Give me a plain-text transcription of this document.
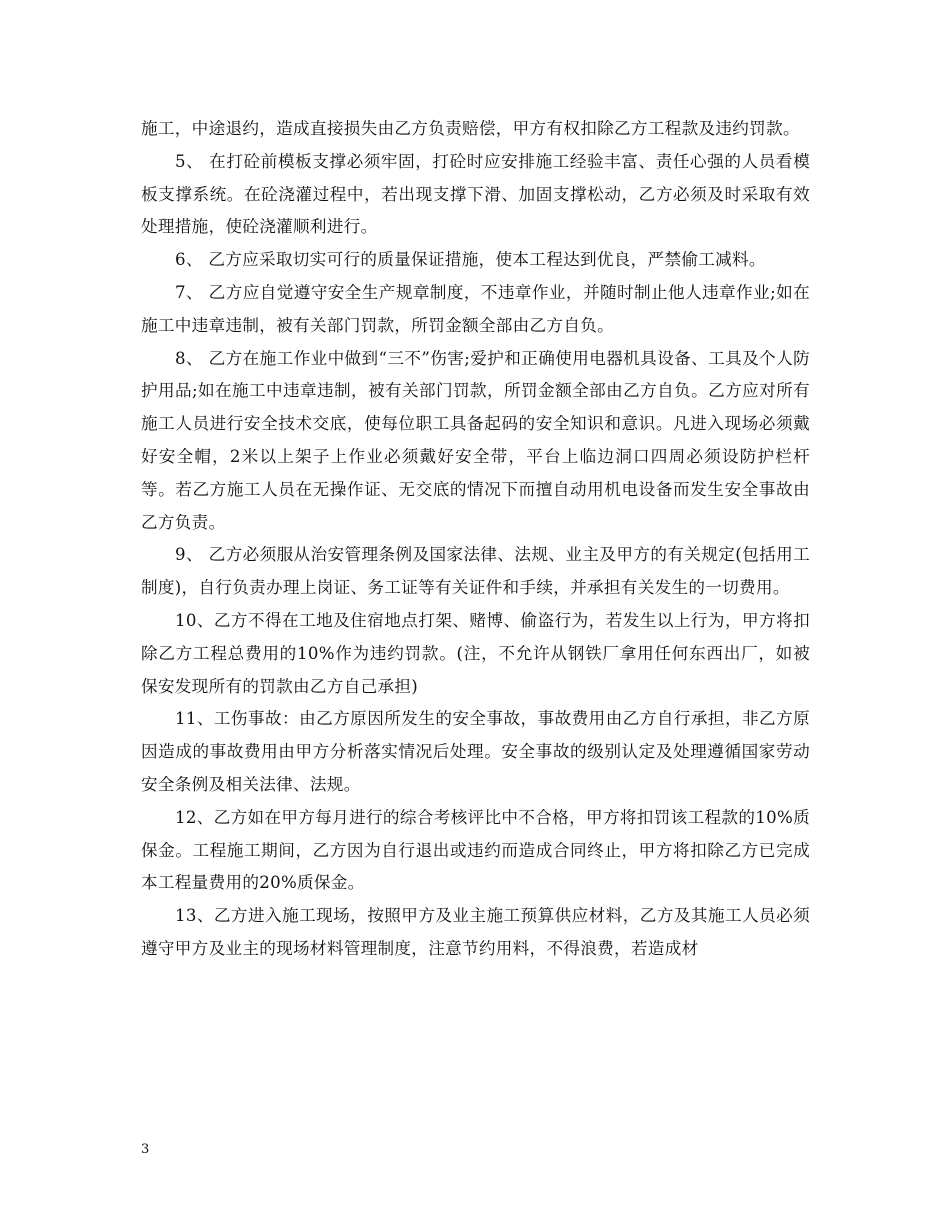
施工，中途退约，造成直接损失由乙方负责赔偿，甲方有权扣除乙方工程款及违约罚款。

5、 在打砼前模板支撑必须牢固，打砼时应安排施工经验丰富、责任心强的人员看模板支撑系统。在砼浇灌过程中，若出现支撑下滑、加固支撑松动，乙方必须及时采取有效处理措施，使砼浇灌顺利进行。

6、 乙方应采取切实可行的质量保证措施，使本工程达到优良，严禁偷工减料。

7、 乙方应自觉遵守安全生产规章制度，不违章作业，并随时制止他人违章作业;如在施工中违章违制，被有关部门罚款，所罚金额全部由乙方自负。

8、 乙方在施工作业中做到“三不”伤害;爱护和正确使用电器机具设备、工具及个人防护用品;如在施工中违章违制，被有关部门罚款，所罚金额全部由乙方自负。乙方应对所有施工人员进行安全技术交底，使每位职工具备起码的安全知识和意识。凡进入现场必须戴好安全帽，2米以上架子上作业必须戴好安全带，平台上临边洞口四周必须设防护栏杆等。若乙方施工人员在无操作证、无交底的情况下而擅自动用机电设备而发生安全事故由乙方负责。

9、 乙方必须服从治安管理条例及国家法律、法规、业主及甲方的有关规定(包括用工制度)，自行负责办理上岗证、务工证等有关证件和手续，并承担有关发生的一切费用。

10、乙方不得在工地及住宿地点打架、赌博、偷盗行为，若发生以上行为，甲方将扣除乙方工程总费用的10%作为违约罚款。(注，不允许从钢铁厂拿用任何东西出厂，如被保安发现所有的罚款由乙方自己承担)

11、工伤事故：由乙方原因所发生的安全事故，事故费用由乙方自行承担，非乙方原因造成的事故费用由甲方分析落实情况后处理。安全事故的级别认定及处理遵循国家劳动安全条例及相关法律、法规。

12、乙方如在甲方每月进行的综合考核评比中不合格，甲方将扣罚该工程款的10%质保金。工程施工期间，乙方因为自行退出或违约而造成合同终止，甲方将扣除乙方已完成本工程量费用的20%质保金。

13、乙方进入施工现场，按照甲方及业主施工预算供应材料，乙方及其施工人员必须遵守甲方及业主的现场材料管理制度，注意节约用料，不得浪费，若造成材

3
